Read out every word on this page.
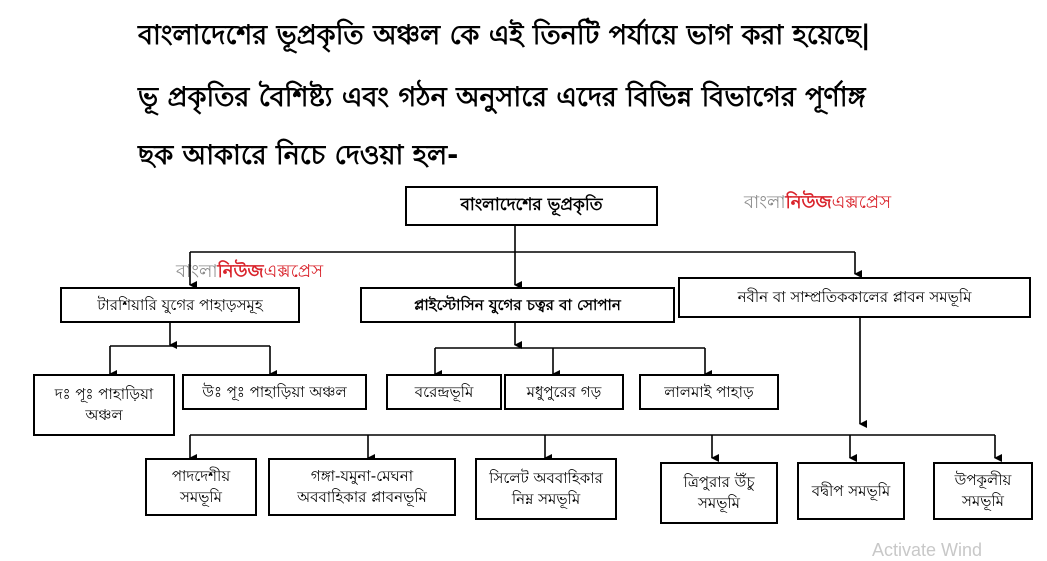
বাংলাদেশের ভূপ্রকৃতি অঞ্চল কে এই তিনটি পর্যায়ে ভাগ করা হয়েছে|
ভূ প্রকৃতির বৈশিষ্ট্য এবং গঠন অনুসারে এদের বিভিন্ন বিভাগের পূর্ণাঙ্গ
ছক আকারে নিচে দেওয়া হল-
বাংলানিউজএক্সপ্রেস
বাংলানিউজএক্সপ্রেস
বাংলাদেশের ভূপ্রকৃতি
টারশিয়ারি যুগের পাহাড়সমূহ	প্লাইস্টোসিন যুগের চত্বর বা সোপান	নবীন বা সাম্প্রতিককালের প্লাবন সমভূমি
দঃ পূঃ পাহাড়িয়া অঞ্চল
উঃ পূঃ পাহাড়িয়া অঞ্চল	বরেন্দ্রভূমি	মধুপুরের গড়	লালমাই পাহাড়
পাদদেশীয় সমভূমি
গঙ্গা-যমুনা-মেঘনা অববাহিকার প্লাবনভূমি
সিলেট অববাহিকার নিম্ন সমভূমি
ত্রিপুরার উঁচু সমভূমি
বদ্বীপ সমভূমি
উপকূলীয় সমভূমি
Activate Wind
